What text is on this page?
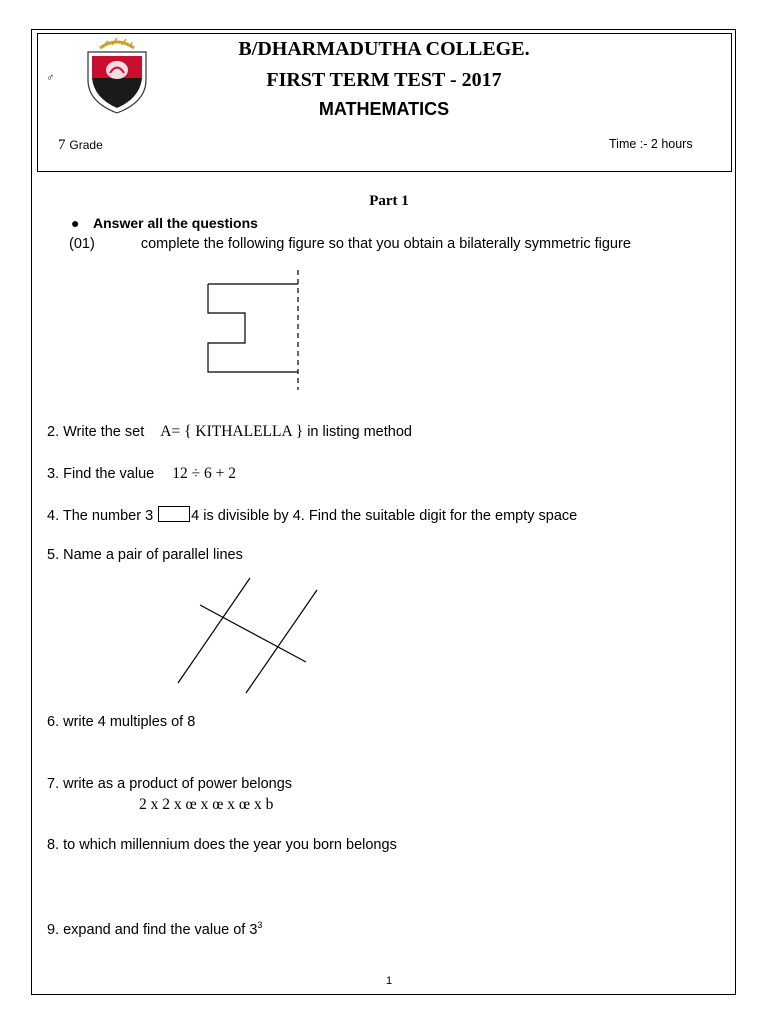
♂
B/DHARMADUTHA COLLEGE.
FIRST TERM TEST - 2017
MATHEMATICS
7 Grade	Time :- 2 hours
Part 1
● Answer all the questions
(01)	complete the following figure so that you obtain a bilaterally symmetric figure
2. Write the set A= { KITHALELLA } in listing method
3. Find the value 12 ÷ 6 + 2
4. The number 3	4 is divisible by 4. Find the suitable digit for the empty space
5. Name a pair of parallel lines
6. write 4 multiples of 8
7. write as a product of power belongs
2 x 2 x œ x œ x œ x b
8. to which millennium does the year you born belongs
9. expand and find the value of $3^3$
1
